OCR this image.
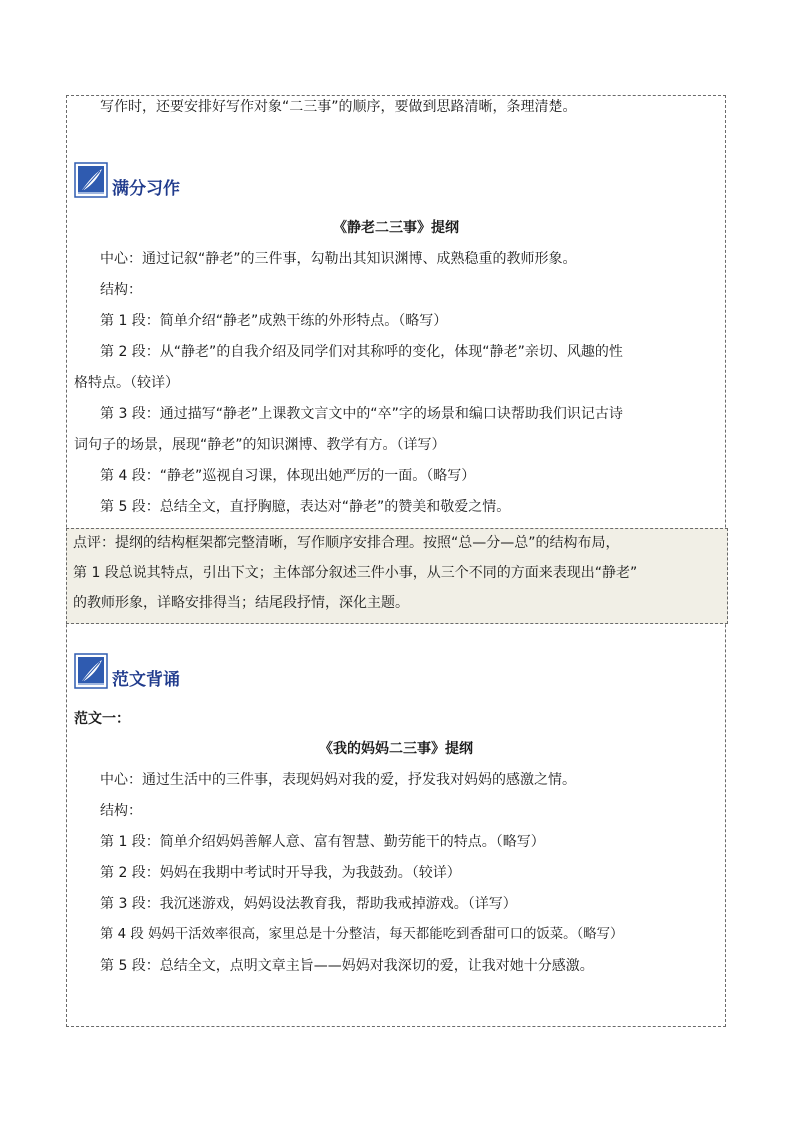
写作时，还要安排好写作对象“二三事”的顺序，要做到思路清晰，条理清楚。
满分习作
《静老二三事》提纲
中心：通过记叙“静老”的三件事，勾勒出其知识渊博、成熟稳重的教师形象。
结构：
第 1 段：简单介绍“静老”成熟干练的外形特点。（略写）
第 2 段：从“静老”的自我介绍及同学们对其称呼的变化，体现“静老”亲切、风趣的性
格特点。（较详）
第 3 段：通过描写“静老”上课教文言文中的“卒”字的场景和编口诀帮助我们识记古诗
词句子的场景，展现“静老”的知识渊博、教学有方。（详写）
第 4 段：“静老”巡视自习课，体现出她严厉的一面。（略写）
第 5 段：总结全文，直抒胸臆，表达对“静老”的赞美和敬爱之情。
点评：提纲的结构框架都完整清晰，写作顺序安排合理。按照“总—分—总”的结构布局，
第 1 段总说其特点，引出下文；主体部分叙述三件小事，从三个不同的方面来表现出“静老”
的教师形象，详略安排得当；结尾段抒情，深化主题。
范文背诵
范文一：
《我的妈妈二三事》提纲
中心：通过生活中的三件事，表现妈妈对我的爱，抒发我对妈妈的感激之情。
结构：
第 1 段：简单介绍妈妈善解人意、富有智慧、勤劳能干的特点。（略写）
第 2 段：妈妈在我期中考试时开导我，为我鼓劲。（较详）
第 3 段：我沉迷游戏，妈妈设法教育我，帮助我戒掉游戏。（详写）
第 4 段 妈妈干活效率很高，家里总是十分整洁，每天都能吃到香甜可口的饭菜。（略写）
第 5 段：总结全文，点明文章主旨——妈妈对我深切的爱，让我对她十分感激。
